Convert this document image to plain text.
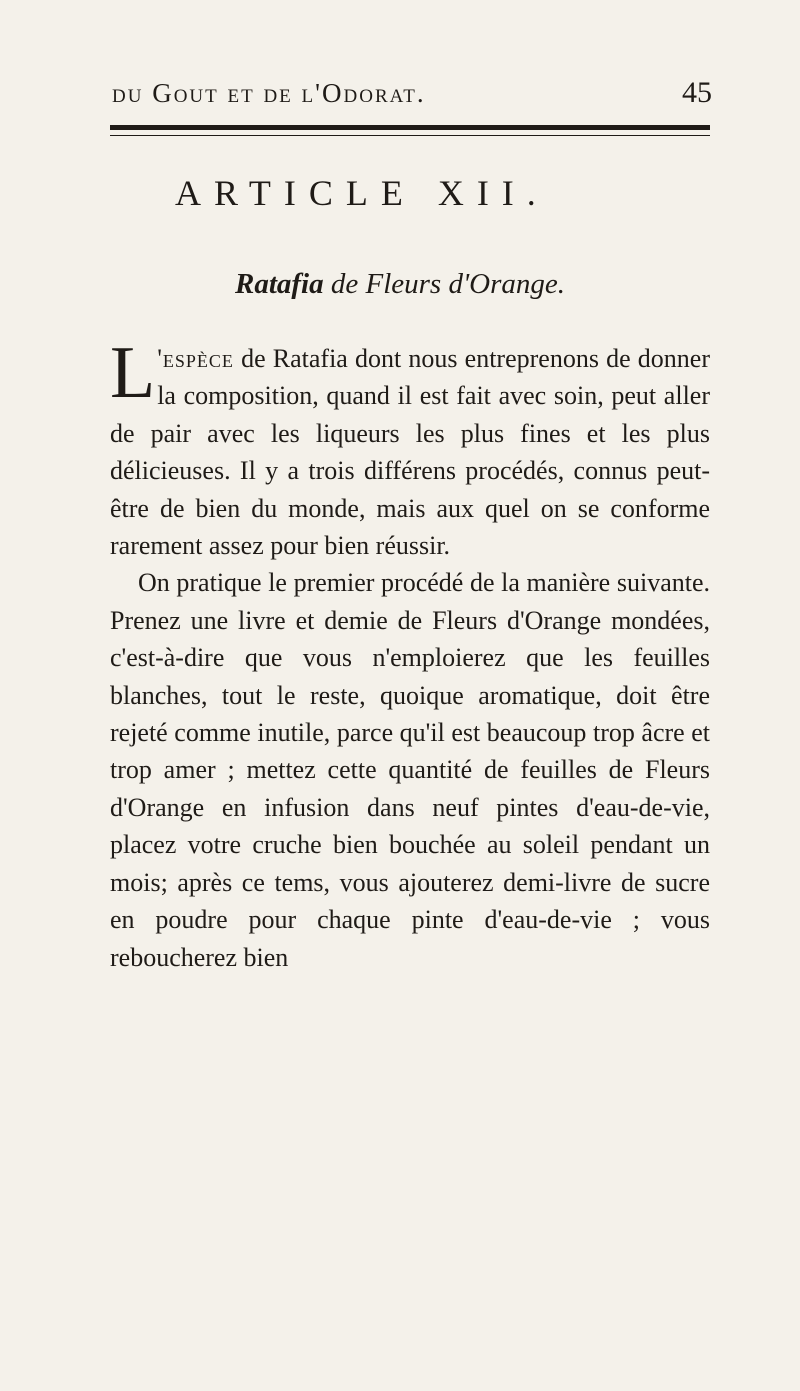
du Gout et de l'Odorat.	45
ARTICLE XII.
Ratafia de Fleurs d'Orange.

L 'espèce de Ratafia dont nous entreprenons de donner la composition, quand il est fait avec soin, peut aller de pair avec les liqueurs les plus fines et les plus délicieuses. Il y a trois différens procédés, connus peut-être de bien du monde, mais aux quel on se conforme rarement assez pour bien réussir.

On pratique le premier procédé de la manière suivante. Prenez une livre et demie de Fleurs d'Orange mondées, c'est-à-dire que vous n'emploierez que les feuilles blanches, tout le reste, quoique aromatique, doit être rejeté comme inutile, parce qu'il est beaucoup trop âcre et trop amer ; mettez cette quantité de feuilles de Fleurs d'Orange en infusion dans neuf pintes d'eau-de-vie, placez votre cruche bien bouchée au soleil pendant un mois; après ce tems, vous ajouterez demi-livre de sucre en poudre pour chaque pinte d'eau-de-vie ; vous reboucherez bien
